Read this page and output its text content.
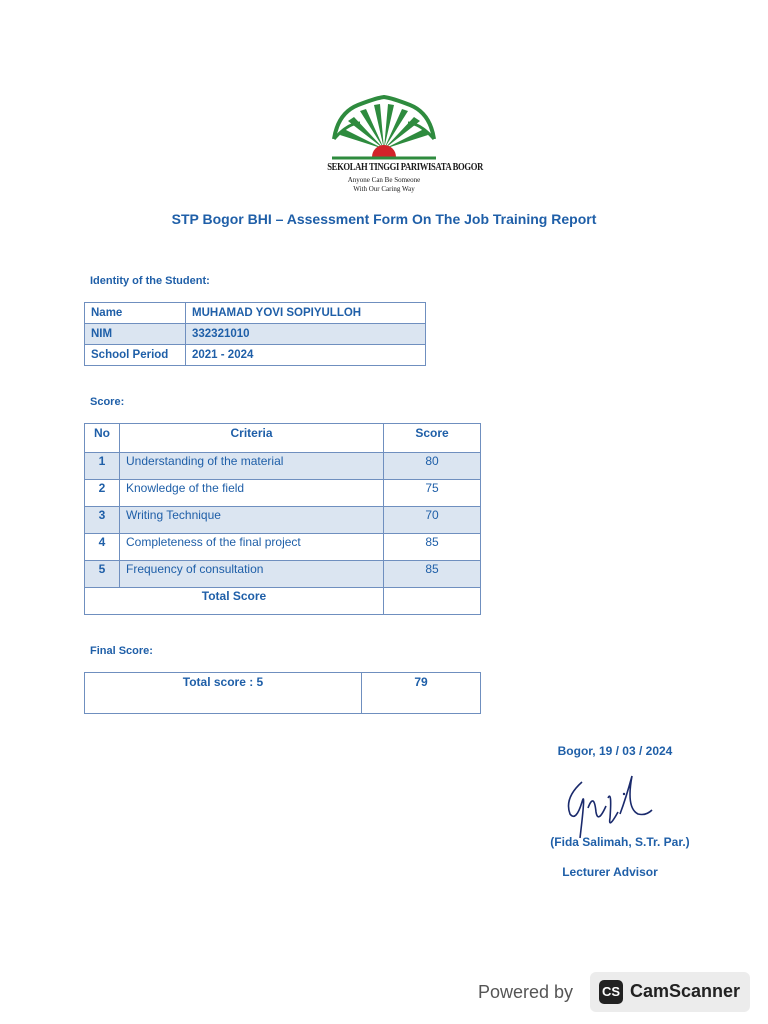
SEKOLAH TINGGI PARIWISATA BOGOR
Anyone Can Be Someone
With Our Caring Way
STP Bogor BHI – Assessment Form On The Job Training Report
Identity of the Student:
Name	MUHAMAD YOVI SOPIYULLOH
NIM	332321010
School Period	2021 - 2024
Score:
No	Criteria	Score
1	Understanding of the material	80
2	Knowledge of the field	75
3	Writing Technique	70
4	Completeness of the final project	85
5	Frequency of consultation	85
Total Score		
Final Score:
Total score : 5	79
Bogor, 19 / 03 / 2024
(Fida Salimah, S.Tr. Par.)
Lecturer Advisor
Powered by CS CamScanner
